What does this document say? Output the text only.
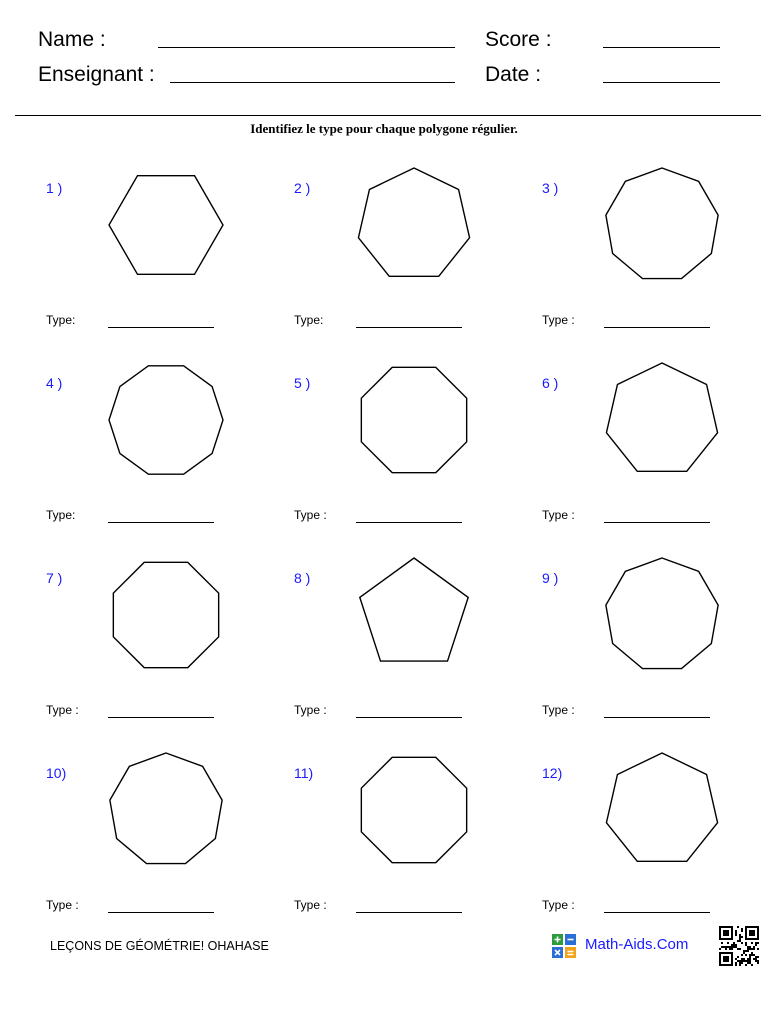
Name :
Enseignant :
Score :
Date :
Identifiez le type pour chaque polygone régulier.
1 )
Type:
2 )
Type:
3 )
Type :
4 )
Type:
5 )
Type :
6 )
Type :
7 )
Type :
8 )
Type :
9 )
Type :
10)
Type :
11)
Type :
12)
Type :
LEÇONS DE GÉOMÉTRIE! OHAHASE	Math-Aids.Com
